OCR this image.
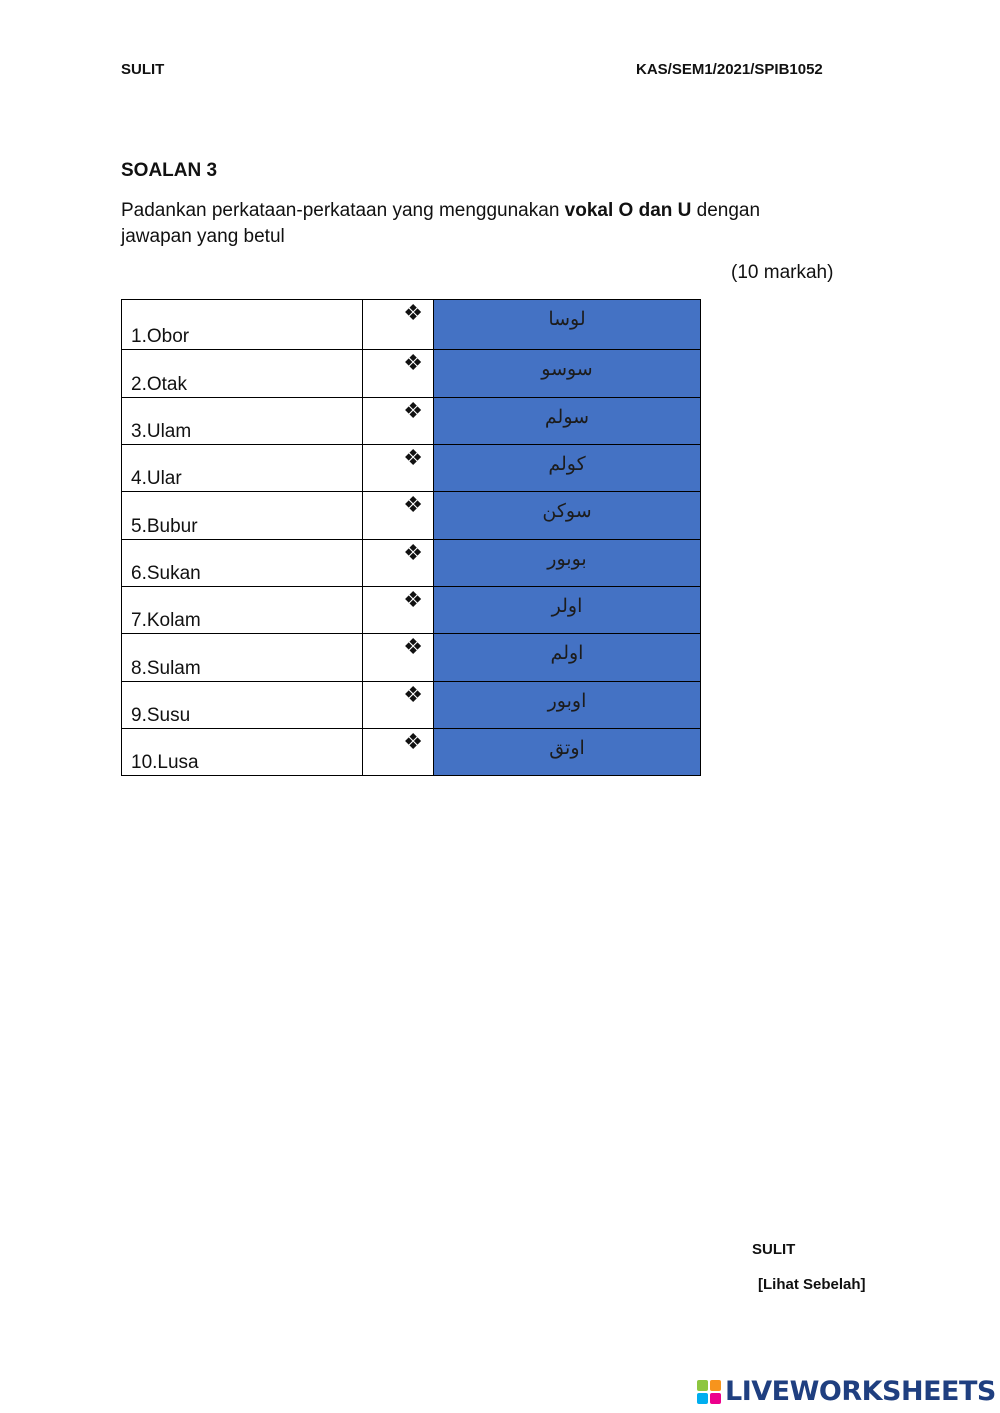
SULIT	KAS/SEM1/2021/SPIB1052
SOALAN 3
Padankan perkataan-perkataan yang menggunakan vokal O dan U dengan jawapan yang betul
(10 markah)
1.Obor	❖	لوسا

2.Otak	❖	سوسو

3.Ulam	❖	سولم

4.Ular	❖	كولم

5.Bubur	❖	سوكن

6.Sukan	❖	بوبور

7.Kolam	❖	اولر

8.Sulam	❖	اولم

9.Susu	❖	اوبور

10.Lusa	❖	اوتق
SULIT
[Lihat Sebelah]
LIVEWORKSHEETS
